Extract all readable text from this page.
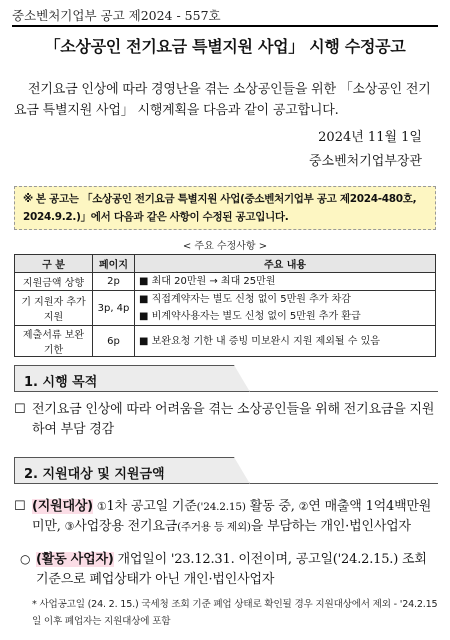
중소벤처기업부 공고 제2024 - 557호
「소상공인 전기요금 특별지원 사업」 시행 수정공고

전기요금 인상에 따라 경영난을 겪는 소상공인들을 위한 「소상공인 전기요금 특별지원 사업」 시행계획을 다음과 같이 공고합니다.

2024년 11월 1일
중소벤처기업부장관
※ 본 공고는 「소상공인 전기요금 특별지원 사업(중소벤처기업부 공고 제2024-480호, 2024.9.2.)」에서 다음과 같은 사항이 수정된 공고입니다.
< 주요 수정사항 >
구 분	페이지	주요 내용
지원금액 상향	2p	■ 최대 20만원 → 최대 25만원

기 지원자 추가지원	3p, 4p	■ 직접계약자는 별도 신청 없이 5만원 추가 차감
■ 비계약사용자는 별도 신청 없이 5만원 추가 환급

제출서류 보완기한	6p	■ 보완요청 기한 내 증빙 미보완시 지원 제외될 수 있음
1. 시행 목적
☐ 전기요금 인상에 따라 어려움을 겪는 소상공인들을 위해 전기요금을 지원하여 부담 경감

2. 지원대상 및 지원금액
☐ (지원대상) ①1차 공고일 기준('24.2.15) 활동 중, ②연 매출액 1억4백만원 미만, ③사업장용 전기요금(주거용 등 제외)을 부담하는 개인·법인사업자

○ (활동 사업자) 개업일이 '23.12.31. 이전이며, 공고일('24.2.15.) 조회 기준으로 폐업상태가 아닌 개인·법인사업자

* 사업공고일 (24. 2. 15.) 국세청 조회 기준 폐업 상태로 확인될 경우 지원대상에서 제외 - '24.2.15일 이후 폐업자는 지원대상에 포함
